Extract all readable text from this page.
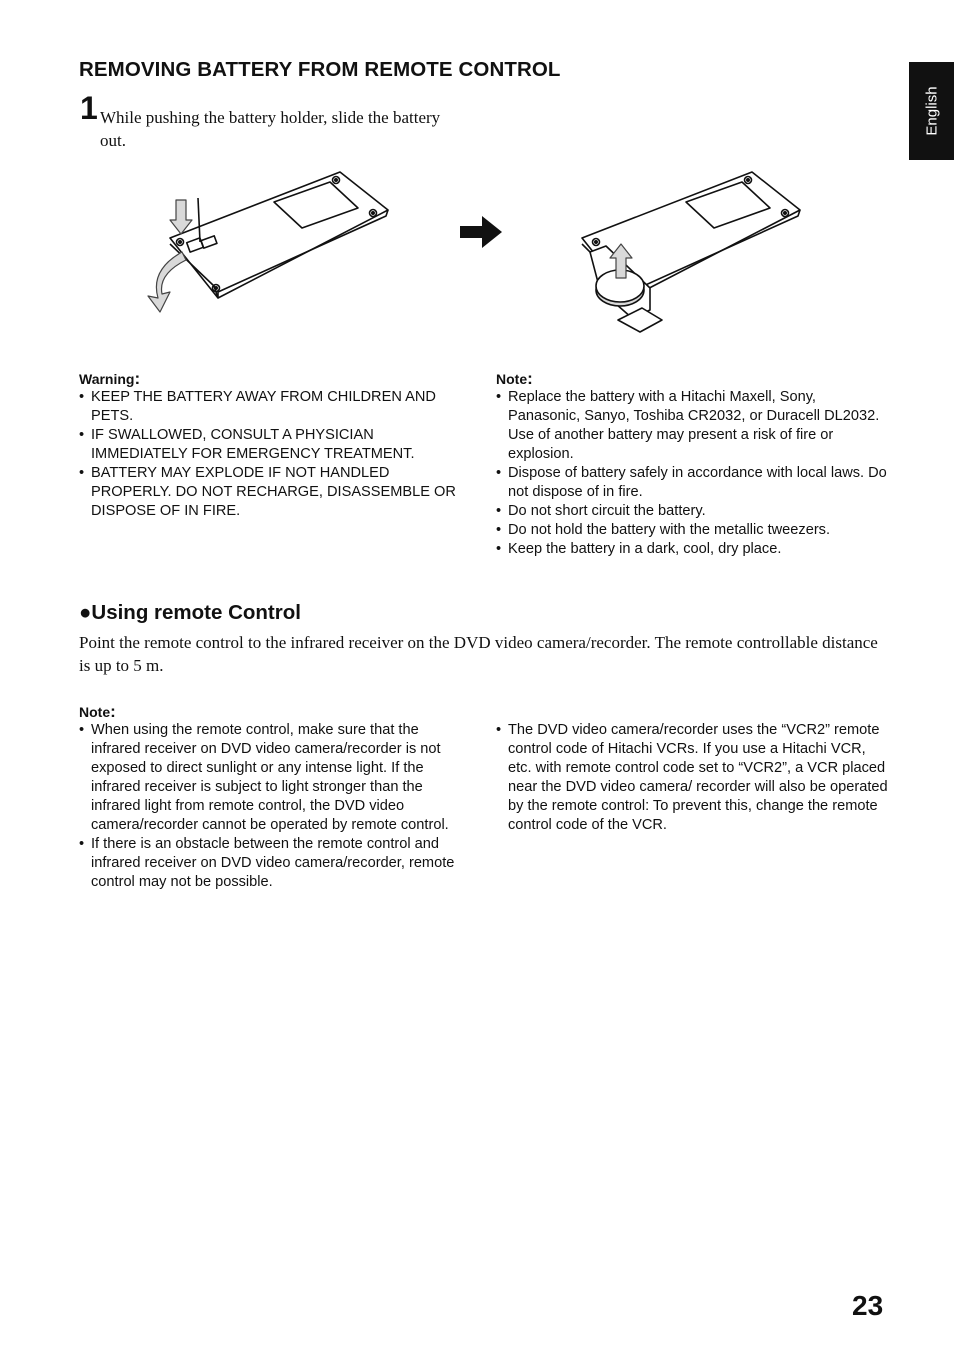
REMOVING BATTERY FROM REMOTE CONTROL
English
1 While pushing the battery holder, slide the battery out.
Warning:
• KEEP THE BATTERY AWAY FROM CHILDREN AND PETS.
• IF SWALLOWED, CONSULT A PHYSICIAN IMMEDIATELY FOR EMERGENCY TREATMENT.
• BATTERY MAY EXPLODE IF NOT HANDLED PROPERLY. DO NOT RECHARGE, DISASSEMBLE OR DISPOSE OF IN FIRE.
Note:
• Replace the battery with a Hitachi Maxell, Sony, Panasonic, Sanyo, Toshiba CR2032, or Duracell DL2032. Use of another battery may present a risk of fire or explosion.
• Dispose of battery safely in accordance with local laws. Do not dispose of in fire.
• Do not short circuit the battery.
• Do not hold the battery with the metallic tweezers.
• Keep the battery in a dark, cool, dry place.
●Using remote Control
Point the remote control to the infrared receiver on the DVD video camera/recorder. The remote controllable distance is up to 5 m.
Note:
• When using the remote control, make sure that the infrared receiver on DVD video camera/recorder is not exposed to direct sunlight or any intense light. If the infrared receiver is subject to light stronger than the infrared light from remote control, the DVD video camera/recorder cannot be operated by remote control.
• If there is an obstacle between the remote control and infrared receiver on DVD video camera/recorder, remote control may not be possible.
• The DVD video camera/recorder uses the “VCR2” remote control code of Hitachi VCRs. If you use a Hitachi VCR, etc. with remote control code set to “VCR2”, a VCR placed near the DVD video camera/ recorder will also be operated by the remote control: To prevent this, change the remote control code of the VCR.
23
